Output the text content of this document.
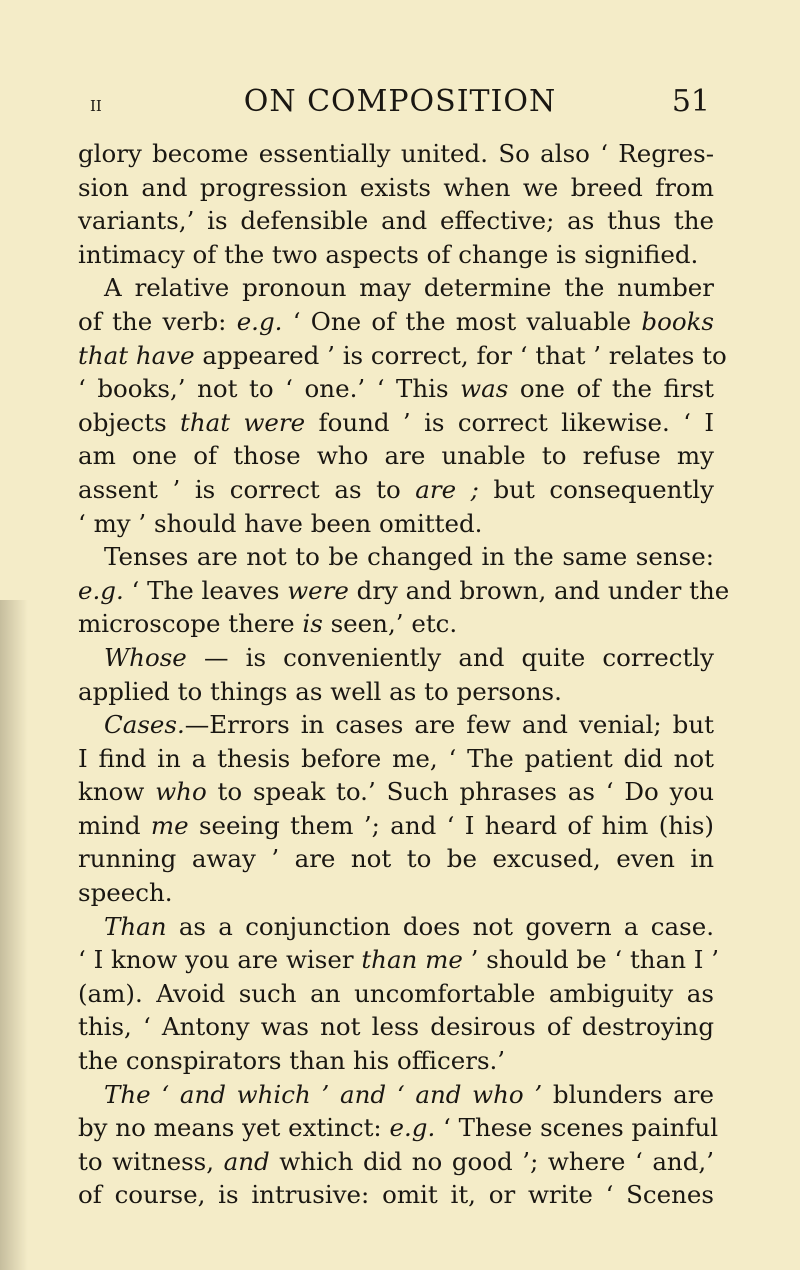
ii	ON COMPOSITION	51
glory become essentially united. So also ‘ Regres-
sion and progression exists when we breed from
variants,’ is defensible and effective; as thus the
intimacy of the two aspects of change is signified.
A relative pronoun may determine the number
of the verb: e.g. ‘ One of the most valuable books
that have appeared ’ is correct, for ‘ that ’ relates to
‘ books,’ not to ‘ one.’ ‘ This was one of the first
objects that were found ’ is correct likewise. ‘ I
am one of those who are unable to refuse my
assent ’ is correct as to are ; but consequently
‘ my ’ should have been omitted.
Tenses are not to be changed in the same sense:
e.g. ‘ The leaves were dry and brown, and under the
microscope there is seen,’ etc.
Whose — is conveniently and quite correctly
applied to things as well as to persons.
Cases.—Errors in cases are few and venial; but
I find in a thesis before me, ‘ The patient did not
know who to speak to.’ Such phrases as ‘ Do you
mind me seeing them ’; and ‘ I heard of him (his)
running away ’ are not to be excused, even in
speech.
Than as a conjunction does not govern a case.
‘ I know you are wiser than me ’ should be ‘ than I ’
(am). Avoid such an uncomfortable ambiguity as
this, ‘ Antony was not less desirous of destroying
the conspirators than his officers.’
The ‘ and which ’ and ‘ and who ’ blunders are
by no means yet extinct: e.g. ‘ These scenes painful
to witness, and which did no good ’; where ‘ and,’
of course, is intrusive: omit it, or write ‘ Scenes
